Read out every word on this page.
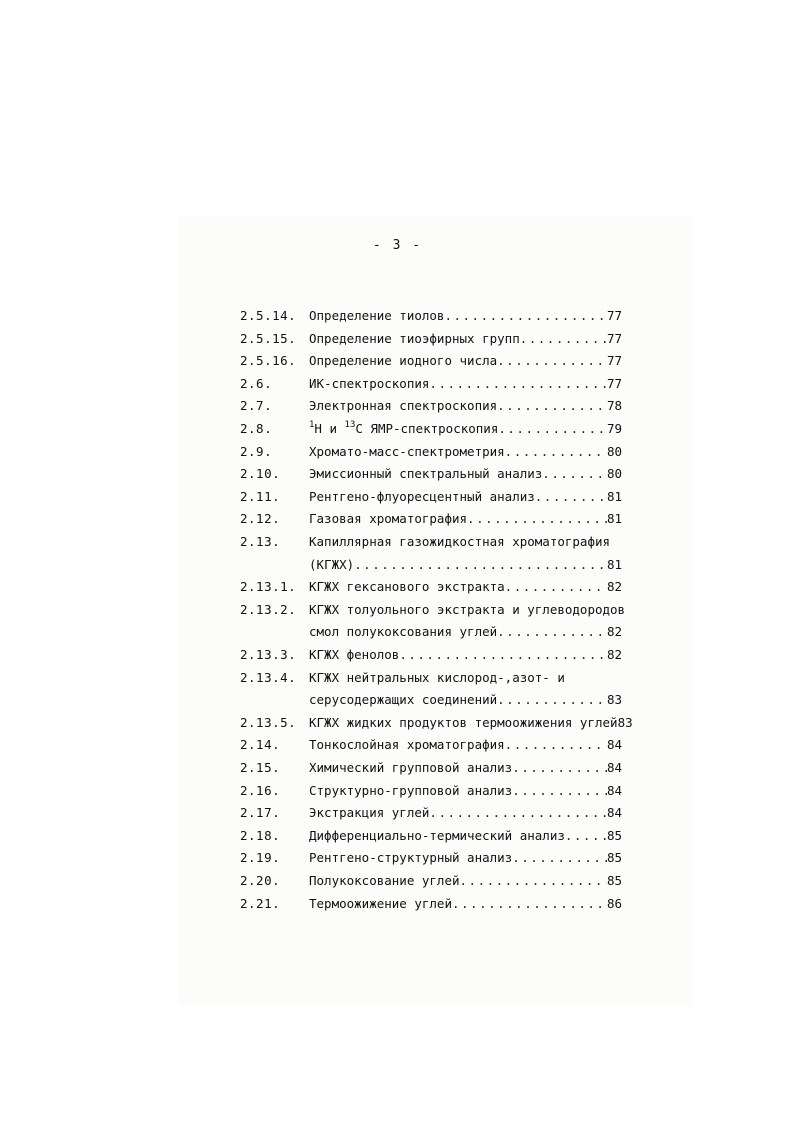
- 3 -
2.5.14. Определение тиолов .....	77
2.5.15. Определение тиоэфирных групп .....	77
2.5.16. Определение иодного числа .....	77
2.6.	ИК-спектроскопия .....	77
2.7.	Электронная спектроскопия .....	78
2.8.	$^1$Н и $^{13}$С ЯМР-спектроскопия .....	79
2.9.	Хромато-масс-спектрометрия .....	80
2.10. Эмиссионный спектральный анализ .....	80
2.11. Рентгено-флуоресцентный анализ .....	81
2.12. Газовая хроматография .....	81
2.13. Капиллярная газожидкостная хроматография
(КГЖХ) .....	81
2.13.1. КГЖХ гексанового экстракта .....	82
2.13.2. КГЖХ толуольного экстракта и углеводородов
смол полукоксования углей .....	82
2.13.3. КГЖХ фенолов .....	82
2.13.4. КГЖХ нейтральных кислород-,азот- и
серусодержащих соединений .....	83
2.13.5. КГЖХ жидких продуктов термоожижения углей 83
2.14. Тонкослойная хроматография .....	84
2.15. Химический групповой анализ .....	84
2.16. Структурно-групповой анализ .....	84
2.17. Экстракция углей .....	84
2.18. Дифференциально-термический анализ .....	85
2.19. Рентгено-структурный анализ .....	85
2.20. Полукоксование углей .....	85
2.21. Термоожижение углей .....	86
